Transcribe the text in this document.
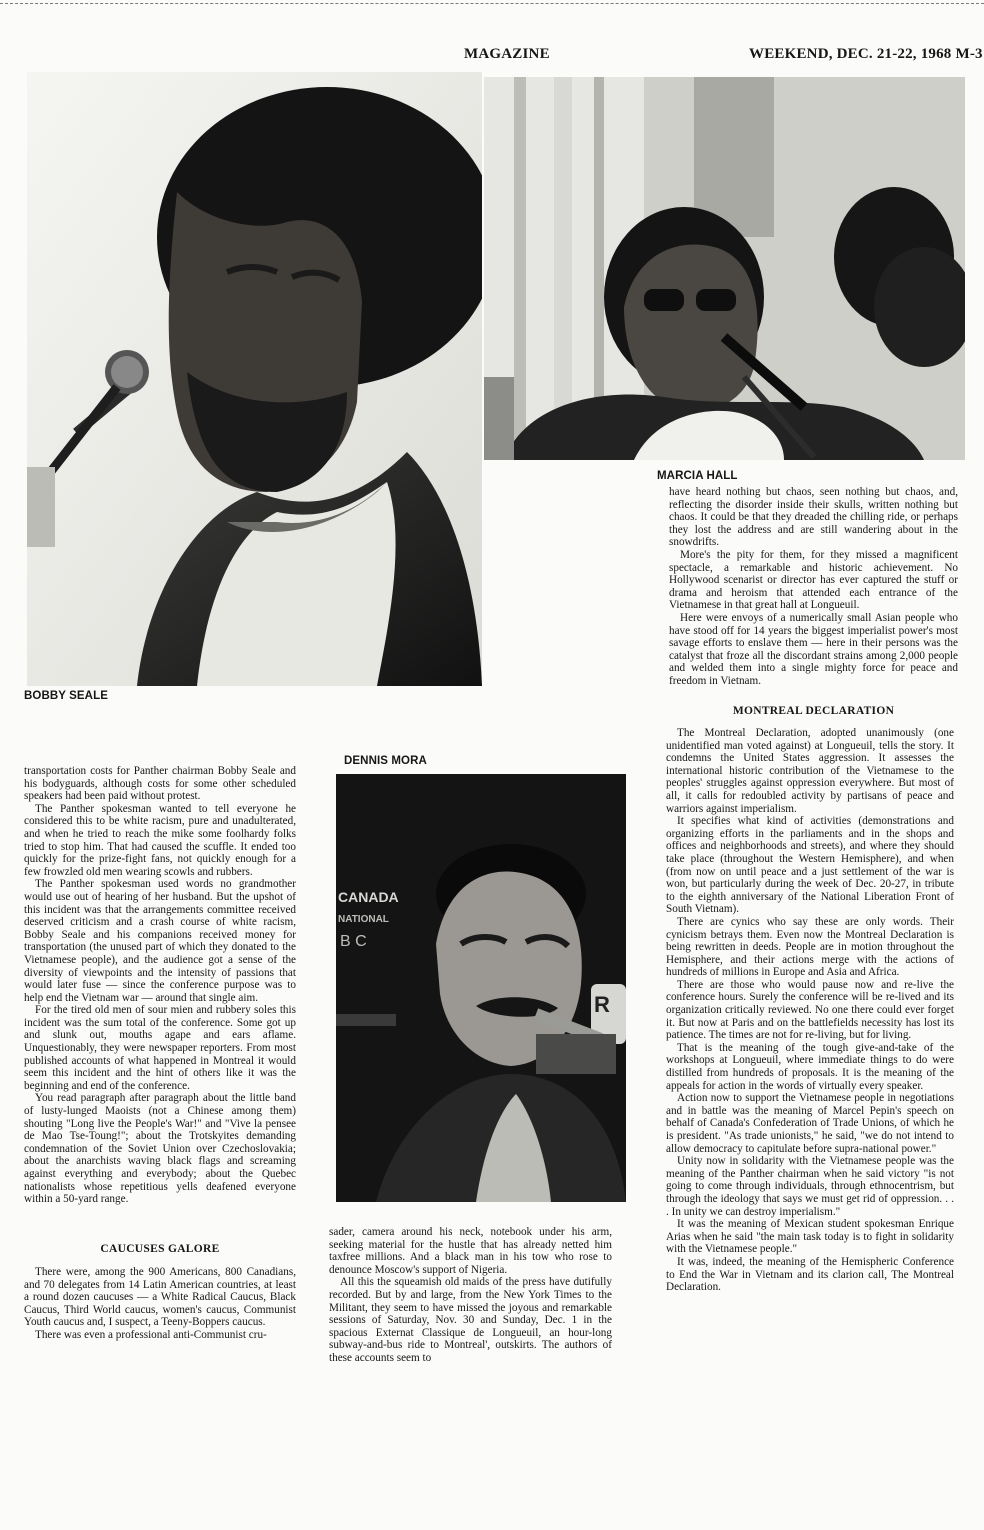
MAGAZINE	WEEKEND, DEC. 21-22, 1968 M-3
BOBBY SEALE
MARCIA HALL
DENNIS MORA
CANADA
NATIONAL
B C
R

transportation costs for Panther chairman Bobby Seale and his bodyguards, although costs for some other scheduled speakers had been paid without protest.

The Panther spokesman wanted to tell everyone he considered this to be white racism, pure and unadulterated, and when he tried to reach the mike some foolhardy folks tried to stop him. That had caused the scuffle. It ended too quickly for the prize-fight fans, not quickly enough for a few frowzled old men wearing scowls and rubbers.

The Panther spokesman used words no grandmother would use out of hearing of her husband. But the upshot of this incident was that the arrangements committee received deserved criticism and a crash course of white racism, Bobby Seale and his companions received money for transportation (the unused part of which they donated to the Vietnamese people), and the audience got a sense of the diversity of viewpoints and the intensity of passions that would later fuse — since the conference purpose was to help end the Vietnam war — around that single aim.

For the tired old men of sour mien and rubbery soles this incident was the sum total of the conference. Some got up and slunk out, mouths agape and ears aflame. Unquestionably, they were newspaper reporters. From most published accounts of what happened in Montreal it would seem this incident and the hint of others like it was the beginning and end of the conference.

You read paragraph after paragraph about the little band of lusty-lunged Maoists (not a Chinese among them) shouting "Long live the People's War!" and "Vive la pensee de Mao Tse-Toung!"; about the Trotskyites demanding condemnation of the Soviet Union over Czechoslovakia; about the anarchists waving black flags and screaming against everything and everybody; about the Quebec nationalists whose repetitious yells deafened everyone within a 50-yard range.

CAUCUSES GALORE

There were, among the 900 Americans, 800 Canadians, and 70 delegates from 14 Latin American countries, at least a round dozen caucuses — a White Radical Caucus, Black Caucus, Third World caucus, women's caucus, Communist Youth caucus and, I suspect, a Teeny-Boppers caucus.

There was even a professional anti-Communist cru-

sader, camera around his neck, notebook under his arm, seeking material for the hustle that has already netted him taxfree millions. And a black man in his tow who rose to denounce Moscow's support of Nigeria.

All this the squeamish old maids of the press have dutifully recorded. But by and large, from the New York Times to the Militant, they seem to have missed the joyous and remarkable sessions of Saturday, Nov. 30 and Sunday, Dec. 1 in the spacious Externat Classique de Longueuil, an hour-long subway-and-bus ride to Montreal', outskirts. The authors of these accounts seem to

have heard nothing but chaos, seen nothing but chaos, and, reflecting the disorder inside their skulls, written nothing but chaos. It could be that they dreaded the chilling ride, or perhaps they lost the address and are still wandering about in the snowdrifts.

More's the pity for them, for they missed a magnificent spectacle, a remarkable and historic achievement. No Hollywood scenarist or director has ever captured the stuff or drama and heroism that attended each entrance of the Vietnamese in that great hall at Longueuil.

Here were envoys of a numerically small Asian people who have stood off for 14 years the biggest imperialist power's most savage efforts to enslave them — here in their persons was the catalyst that froze all the discordant strains among 2,000 people and welded them into a single mighty force for peace and freedom in Vietnam.

MONTREAL DECLARATION

The Montreal Declaration, adopted unanimously (one unidentified man voted against) at Longueuil, tells the story. It condemns the United States aggression. It assesses the international historic contribution of the Vietnamese to the peoples' struggles against oppression everywhere. But most of all, it calls for redoubled activity by partisans of peace and warriors against imperialism.

It specifies what kind of activities (demonstrations and organizing efforts in the parliaments and in the shops and offices and neighborhoods and streets), and where they should take place (throughout the Western Hemisphere), and when (from now on until peace and a just settlement of the war is won, but particularly during the week of Dec. 20-27, in tribute to the eighth anniversary of the National Liberation Front of South Vietnam).

There are cynics who say these are only words. Their cynicism betrays them. Even now the Montreal Declaration is being rewritten in deeds. People are in motion throughout the Hemisphere, and their actions merge with the actions of hundreds of millions in Europe and Asia and Africa.

There are those who would pause now and re-live the conference hours. Surely the conference will be re-lived and its organization critically reviewed. No one there could ever forget it. But now at Paris and on the battlefields necessity has lost its patience. The times are not for re-living, but for living.

That is the meaning of the tough give-and-take of the workshops at Longueuil, where immediate things to do were distilled from hundreds of proposals. It is the meaning of the appeals for action in the words of virtually every speaker.

Action now to support the Vietnamese people in negotiations and in battle was the meaning of Marcel Pepin's speech on behalf of Canada's Confederation of Trade Unions, of which he is president. "As trade unionists," he said, "we do not intend to allow democracy to capitulate before supra-national power."

Unity now in solidarity with the Vietnamese people was the meaning of the Panther chairman when he said victory "is not going to come through individuals, through ethnocentrism, but through the ideology that says we must get rid of oppression. . . . In unity we can destroy imperialism."

It was the meaning of Mexican student spokesman Enrique Arias when he said "the main task today is to fight in solidarity with the Vietnamese people."

It was, indeed, the meaning of the Hemispheric Conference to End the War in Vietnam and its clarion call, The Montreal Declaration.
